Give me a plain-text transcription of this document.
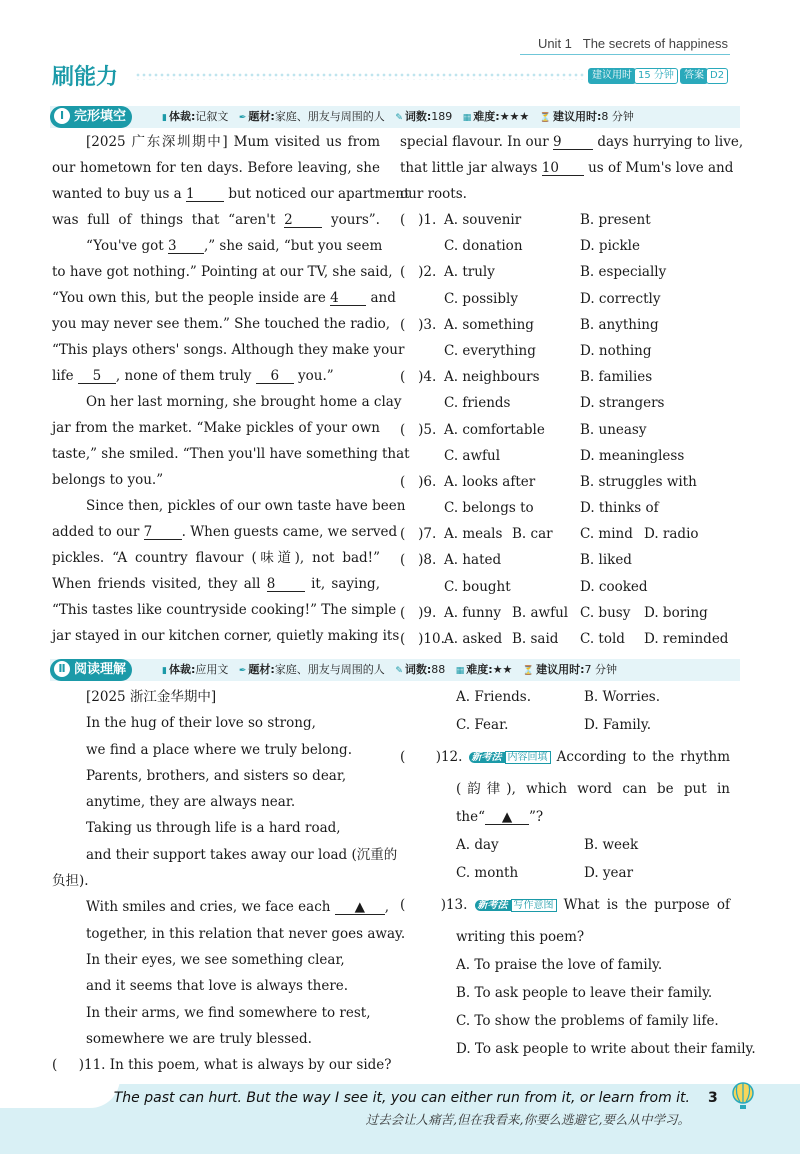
Unit 1 The secrets of happiness
刷能力	建议用时 15 分钟	答案 D2
Ⅰ 完形填空	▮ 体裁:记叙文 ✒ 题材:家庭、朋友与周围的人 ✎ 词数:189 ▦ 难度:★★★ ⏳ 建议用时:8 分钟
[2025 广东深圳期中] Mum visited us from
our hometown for ten days. Before leaving, she
wanted to buy us a 1 but noticed our apartment
was full of things that “aren't 2	yours”.
“You've got 3 ,” she said, “but you seem
to have got nothing.” Pointing at our TV, she said,
“You own this, but the people inside are 4 and
you may never see them.” She touched the radio,
“This plays others' songs. Although they make your
life 5 , none of them truly 6 you.”
On her last morning, she brought home a clay
jar from the market. “Make pickles of your own
taste,” she smiled. “Then you'll have something that
belongs to you.”
Since then, pickles of our own taste have been
added to our 7 . When guests came, we served
pickles. “A country flavour (味道), not bad!”
When friends visited, they all 8	it, saying,
“This tastes like countryside cooking!” The simple
jar stayed in our kitchen corner, quietly making its
special flavour. In our 9	days hurrying to live,
that little jar always 10 us of Mum's love and
our roots.
(   )1. A. souvenir	B. present
C. donation	D. pickle
(   )2. A. truly	B. especially
C. possibly	D. correctly
(   )3. A. something	B. anything
C. everything	D. nothing
(   )4. A. neighbours	B. families
C. friends	D. strangers
(   )5. A. comfortable	B. uneasy
C. awful	D. meaningless
(   )6. A. looks after	B. struggles with
C. belongs to	D. thinks of
(   )7. A. meals B. car C. mind D. radio
(   )8. A. hated	B. liked
C. bought	D. cooked
(   )9. A. funny B. awful C. busy D. boring
(   )10.A. asked B. said C. told D. reminded
Ⅱ 阅读理解	▮ 体裁:应用文 ✒ 题材:家庭、朋友与周围的人 ✎ 词数:88 ▦ 难度:★★ ⏳ 建议用时:7 分钟
[2025 浙江金华期中]
In the hug of their love so strong,
we find a place where we truly belong.
Parents, brothers, and sisters so dear,
anytime, they are always near.
Taking us through life is a hard road,
and their support takes away our load (沉重的
负担).
With smiles and cries, we face each ▲ ,
together, in this relation that never goes away.
In their eyes, we see something clear,
and it seems that love is always there.
In their arms, we find somewhere to rest,
somewhere we are truly blessed.
(     )11. In this poem, what is always by our side?
A. Friends.	B. Worries.
C. Fear.	D. Family.
(     )12. 新考法 内容回填 According to the rhythm
(韵律), which word can be put in
the“ ▲ ”?
A. day	B. week
C. month	D. year
(     )13. 新考法 写作意图 What is the purpose of
writing this poem?
A. To praise the love of family.
B. To ask people to leave their family.
C. To show the problems of family life.
D. To ask people to write about their family.
The past can hurt. But the way I see it, you can either run from it, or learn from it.
过去会让人痛苦,但在我看来,你要么逃避它,要么从中学习。
3
